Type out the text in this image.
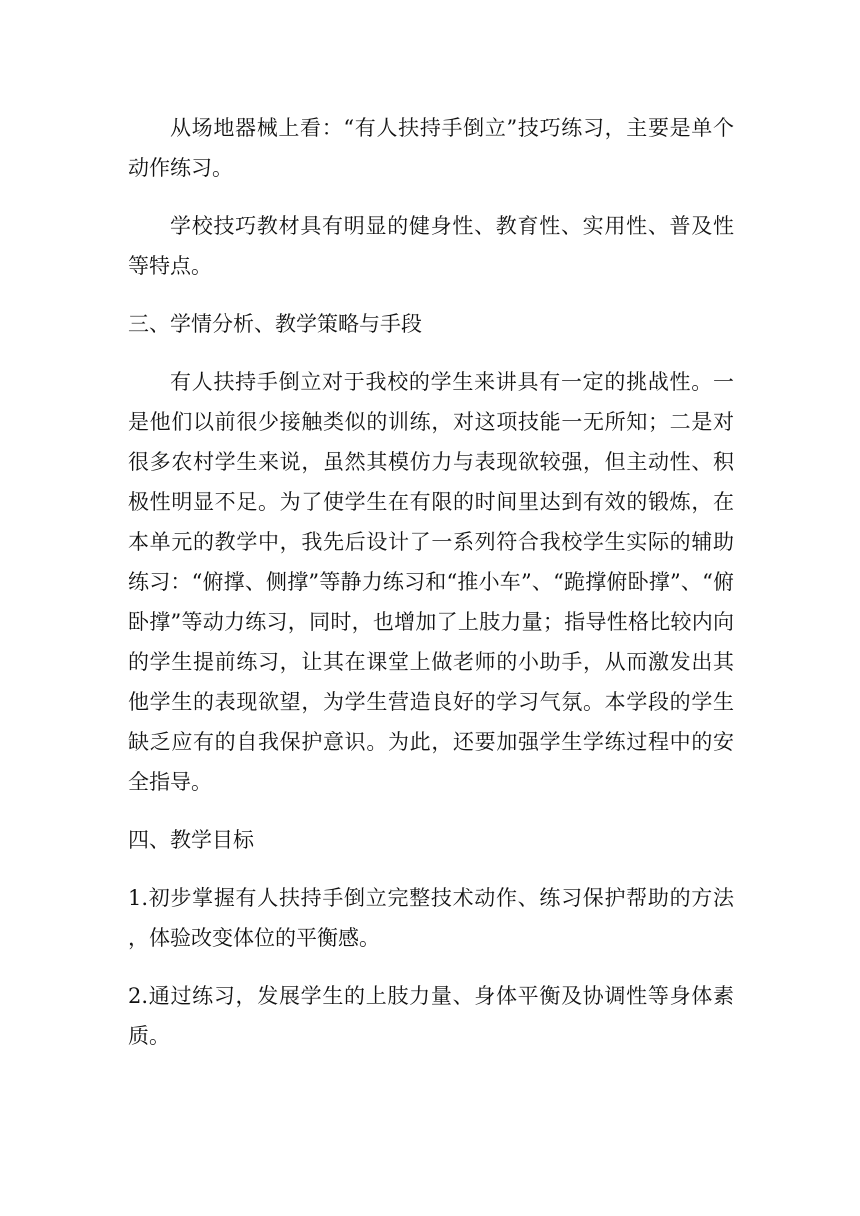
从场地器械上看：“有人扶持手倒立”技巧练习，主要是单个动作练习。

学校技巧教材具有明显的健身性、教育性、实用性、普及性等特点。

三、学情分析、教学策略与手段

有人扶持手倒立对于我校的学生来讲具有一定的挑战性。一是他们以前很少接触类似的训练，对这项技能一无所知；二是对很多农村学生来说，虽然其模仿力与表现欲较强，但主动性、积极性明显不足。为了使学生在有限的时间里达到有效的锻炼，在本单元的教学中，我先后设计了一系列符合我校学生实际的辅助练习：“俯撑、侧撑”等静力练习和“推小车”、“跪撑俯卧撑”、“俯卧撑”等动力练习，同时，也增加了上肢力量；指导性格比较内向的学生提前练习，让其在课堂上做老师的小助手，从而激发出其他学生的表现欲望，为学生营造良好的学习气氛。本学段的学生缺乏应有的自我保护意识。为此，还要加强学生学练过程中的安全指导。

四、教学目标

1.初步掌握有人扶持手倒立完整技术动作、练习保护帮助的方法，体验改变体位的平衡感。

2.通过练习，发展学生的上肢力量、身体平衡及协调性等身体素质。
